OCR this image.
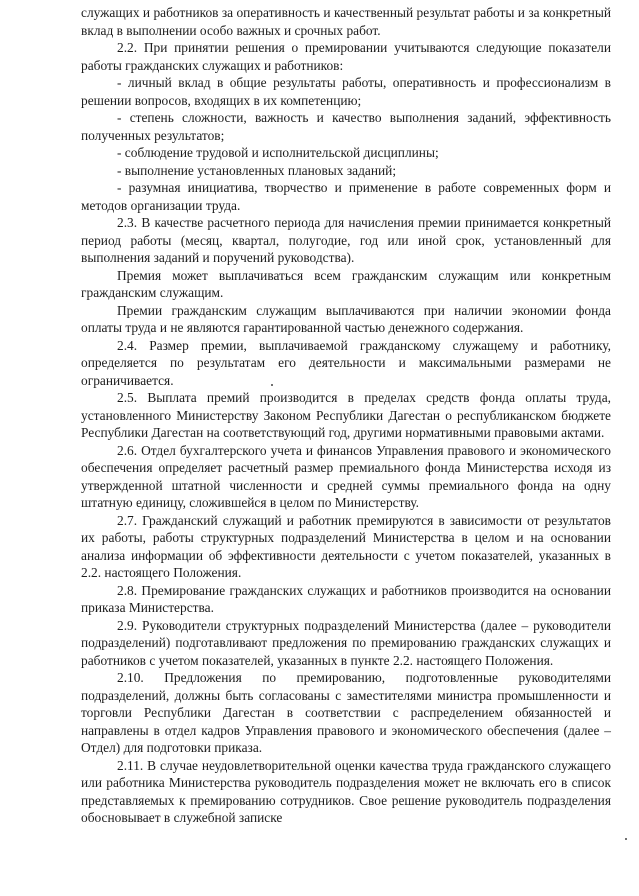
служащих и работников за оперативность и качественный результат работы и за конкретный вклад в выполнении особо важных и срочных работ.

2.2. При принятии решения о премировании учитываются следующие показатели работы гражданских служащих и работников:

- личный вклад в общие результаты работы, оперативность и профессионализм в решении вопросов, входящих в их компетенцию;

- степень сложности, важность и качество выполнения заданий, эффективность полученных результатов;

- соблюдение трудовой и исполнительской дисциплины;

- выполнение установленных плановых заданий;

- разумная инициатива, творчество и применение в работе современных форм и методов организации труда.

2.3. В качестве расчетного периода для начисления премии принимается конкретный период работы (месяц, квартал, полугодие, год или иной срок, установленный для выполнения заданий и поручений руководства).

Премия может выплачиваться всем гражданским служащим или конкретным гражданским служащим.

Премии гражданским служащим выплачиваются при наличии экономии фонда оплаты труда и не являются гарантированной частью денежного содержания.

2.4. Размер премии, выплачиваемой гражданскому служащему и работнику, определяется по результатам его деятельности и максимальными размерами не ограничивается.

2.5. Выплата премий производится в пределах средств фонда оплаты труда, установленного Министерству Законом Республики Дагестан о республиканском бюджете Республики Дагестан на соответствующий год, другими нормативными правовыми актами.

2.6. Отдел бухгалтерского учета и финансов Управления правового и экономического обеспечения определяет расчетный размер премиального фонда Министерства исходя из утвержденной штатной численности и средней суммы премиального фонда на одну штатную единицу, сложившейся в целом по Министерству.

2.7. Гражданский служащий и работник премируются в зависимости от результатов их работы, работы структурных подразделений Министерства в целом и на основании анализа информации об эффективности деятельности с учетом показателей, указанных в 2.2. настоящего Положения.

2.8. Премирование гражданских служащих и работников производится на основании приказа Министерства.

2.9. Руководители структурных подразделений Министерства (далее – руководители подразделений) подготавливают предложения по премированию гражданских служащих и работников с учетом показателей, указанных в пункте 2.2. настоящего Положения.

2.10. Предложения по премированию, подготовленные руководителями подразделений, должны быть согласованы с заместителями министра промышленности и торговли Республики Дагестан в соответствии с распределением обязанностей и направлены в отдел кадров Управления правового и экономического обеспечения (далее – Отдел) для подготовки приказа.

2.11. В случае неудовлетворительной оценки качества труда гражданского служащего или работника Министерства руководитель подразделения может не включать его в список представляемых к премированию сотрудников. Свое решение руководитель подразделения обосновывает в служебной записке
